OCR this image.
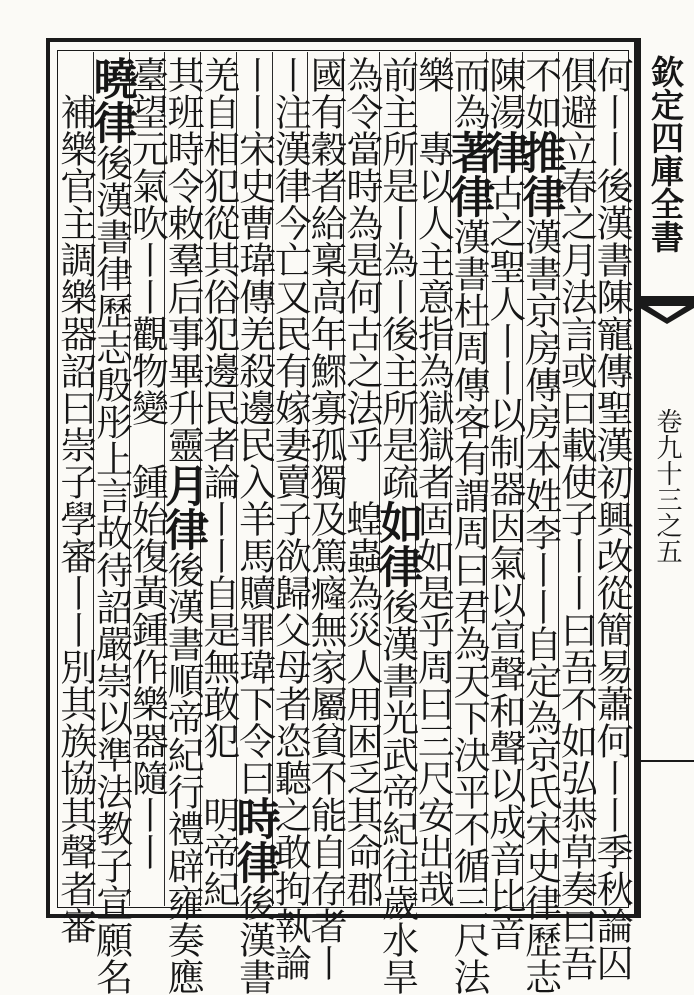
何丨丨後漢書陳寵傳聖漢初興改從簡易蕭何丨丨季秋論囚
俱避立春之月法言或曰載使子丨丨曰吾不如弘恭草奏曰吾
不如推律漢書京房傳房本姓李丨丨自定為京氏宋史律歷志
陳湯律古之聖人丨丨以制器因氣以宣聲和聲以成音比音
而為著律漢書杜周傳客有謂周曰君為天下決平不循三尺法
樂　專以人主意指為獄獄者固如是乎周曰三尺安出哉
前主所是丨為丨後主所是疏如律後漢書光武帝紀往歲水旱
為令當時為是何古之法乎　蝗蟲為災人用困乏其命郡
國有穀者給稟高年鰥寡孤獨及篤癃無家屬貧不能自存者丨
丨注漢律今亡又民有嫁妻賣子欲歸父母者恣聽之敢拘執論
丨丨宋史曹瑋傳羌殺邊民入羊馬贖罪瑋下令曰時律後漢書
羌自相犯從其俗犯邊民者論丨丨自是無敢犯　明帝紀
其班時令敕羣后事畢升靈月律後漢書順帝紀行禮辟雍奏應
臺望元氣吹丨丨觀物變　鍾始復黃鍾作樂器隨丨丨
曉律後漢書律歷志殷彤上言故待詔嚴崇以準法教子宣願名
　補樂官主調樂器詔曰崇子學審丨丨別其族協其聲者審	欽定四庫全書
卷九十三之五
